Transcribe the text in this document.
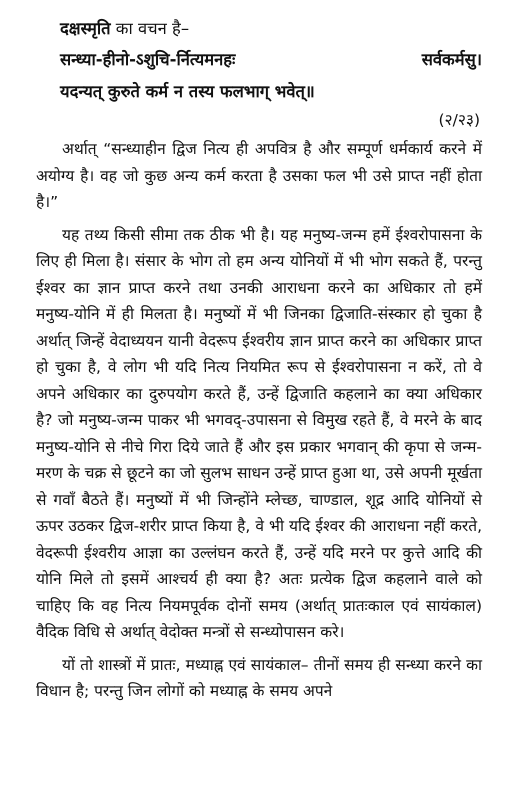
दक्षस्मृति का वचन है–

सन्ध्या-हीनो-ऽशुचि-र्नित्यमनहः	सर्वकर्मसु।

यदन्यत् कुरुते कर्म न तस्य फलभाग् भवेत्॥

(२/२३)

अर्थात् “सन्ध्याहीन द्विज नित्य ही अपवित्र है और सम्पूर्ण धर्मकार्य करने में अयोग्य है। वह जो कुछ अन्य कर्म करता है उसका फल भी उसे प्राप्त नहीं होता है।”

यह तथ्य किसी सीमा तक ठीक भी है। यह मनुष्य-जन्म हमें ईश्वरोपासना के लिए ही मिला है। संसार के भोग तो हम अन्य योनियों में भी भोग सकते हैं, परन्तु ईश्वर का ज्ञान प्राप्त करने तथा उनकी आराधना करने का अधिकार तो हमें मनुष्य-योनि में ही मिलता है। मनुष्यों में भी जिनका द्विजाति-संस्कार हो चुका है अर्थात् जिन्हें वेदाध्ययन यानी वेदरूप ईश्वरीय ज्ञान प्राप्त करने का अधिकार प्राप्त हो चुका है, वे लोग भी यदि नित्य नियमित रूप से ईश्वरोपासना न करें, तो वे अपने अधिकार का दुरुपयोग करते हैं, उन्हें द्विजाति कहलाने का क्या अधिकार है? जो मनुष्य-जन्म पाकर भी भगवद्-उपासना से विमुख रहते हैं, वे मरने के बाद मनुष्य-योनि से नीचे गिरा दिये जाते हैं और इस प्रकार भगवान् की कृपा से जन्म-मरण के चक्र से छूटने का जो सुलभ साधन उन्हें प्राप्त हुआ था, उसे अपनी मूर्खता से गवाँ बैठते हैं। मनुष्यों में भी जिन्होंने म्लेच्छ, चाण्डाल, शूद्र आदि योनियों से ऊपर उठकर द्विज-शरीर प्राप्त किया है, वे भी यदि ईश्वर की आराधना नहीं करते, वेदरूपी ईश्वरीय आज्ञा का उल्लंघन करते हैं, उन्हें यदि मरने पर कुत्ते आदि की योनि मिले तो इसमें आश्चर्य ही क्या है? अतः प्रत्येक द्विज कहलाने वाले को चाहिए कि वह नित्य नियमपूर्वक दोनों समय (अर्थात् प्रातःकाल एवं सायंकाल) वैदिक विधि से अर्थात् वेदोक्त मन्त्रों से सन्ध्योपासन करे।

यों तो शास्त्रों में प्रातः, मध्याह्न एवं सायंकाल– तीनों समय ही सन्ध्या करने का विधान है; परन्तु जिन लोगों को मध्याह्न के समय अपने
